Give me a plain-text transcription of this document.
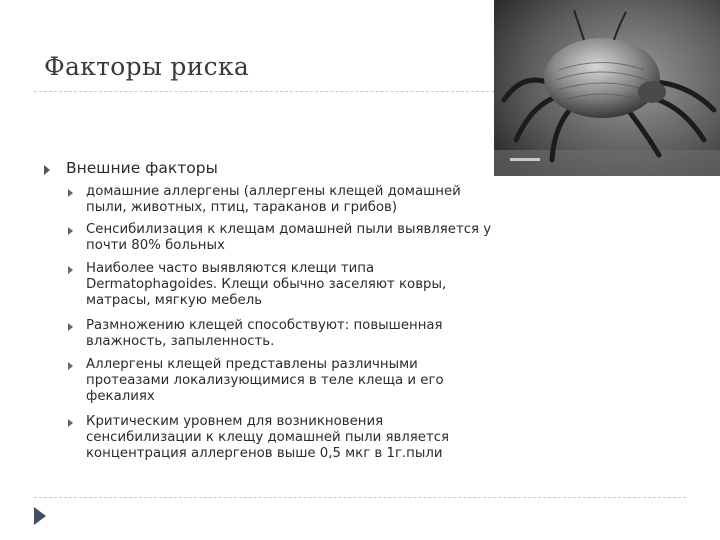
Факторы риска
Внешние факторы
домашние аллергены (аллергены клещей домашней
пыли, животных, птиц, тараканов и грибов)
Сенсибилизация к клещам домашней пыли выявляется у
почти 80% больных
Наиболее часто выявляются клещи типа
Dermatophagoides. Клещи обычно заселяют ковры,
матрасы, мягкую мебель
Размножению клещей способствуют: повышенная
влажность, запыленность.
Аллергены клещей представлены различными
протеазами локализующимися в теле клеща и его
фекалиях
Критическим уровнем для возникновения
сенсибилизации к клещу домашней пыли является
концентрация аллергенов выше 0,5 мкг в 1г.пыли
